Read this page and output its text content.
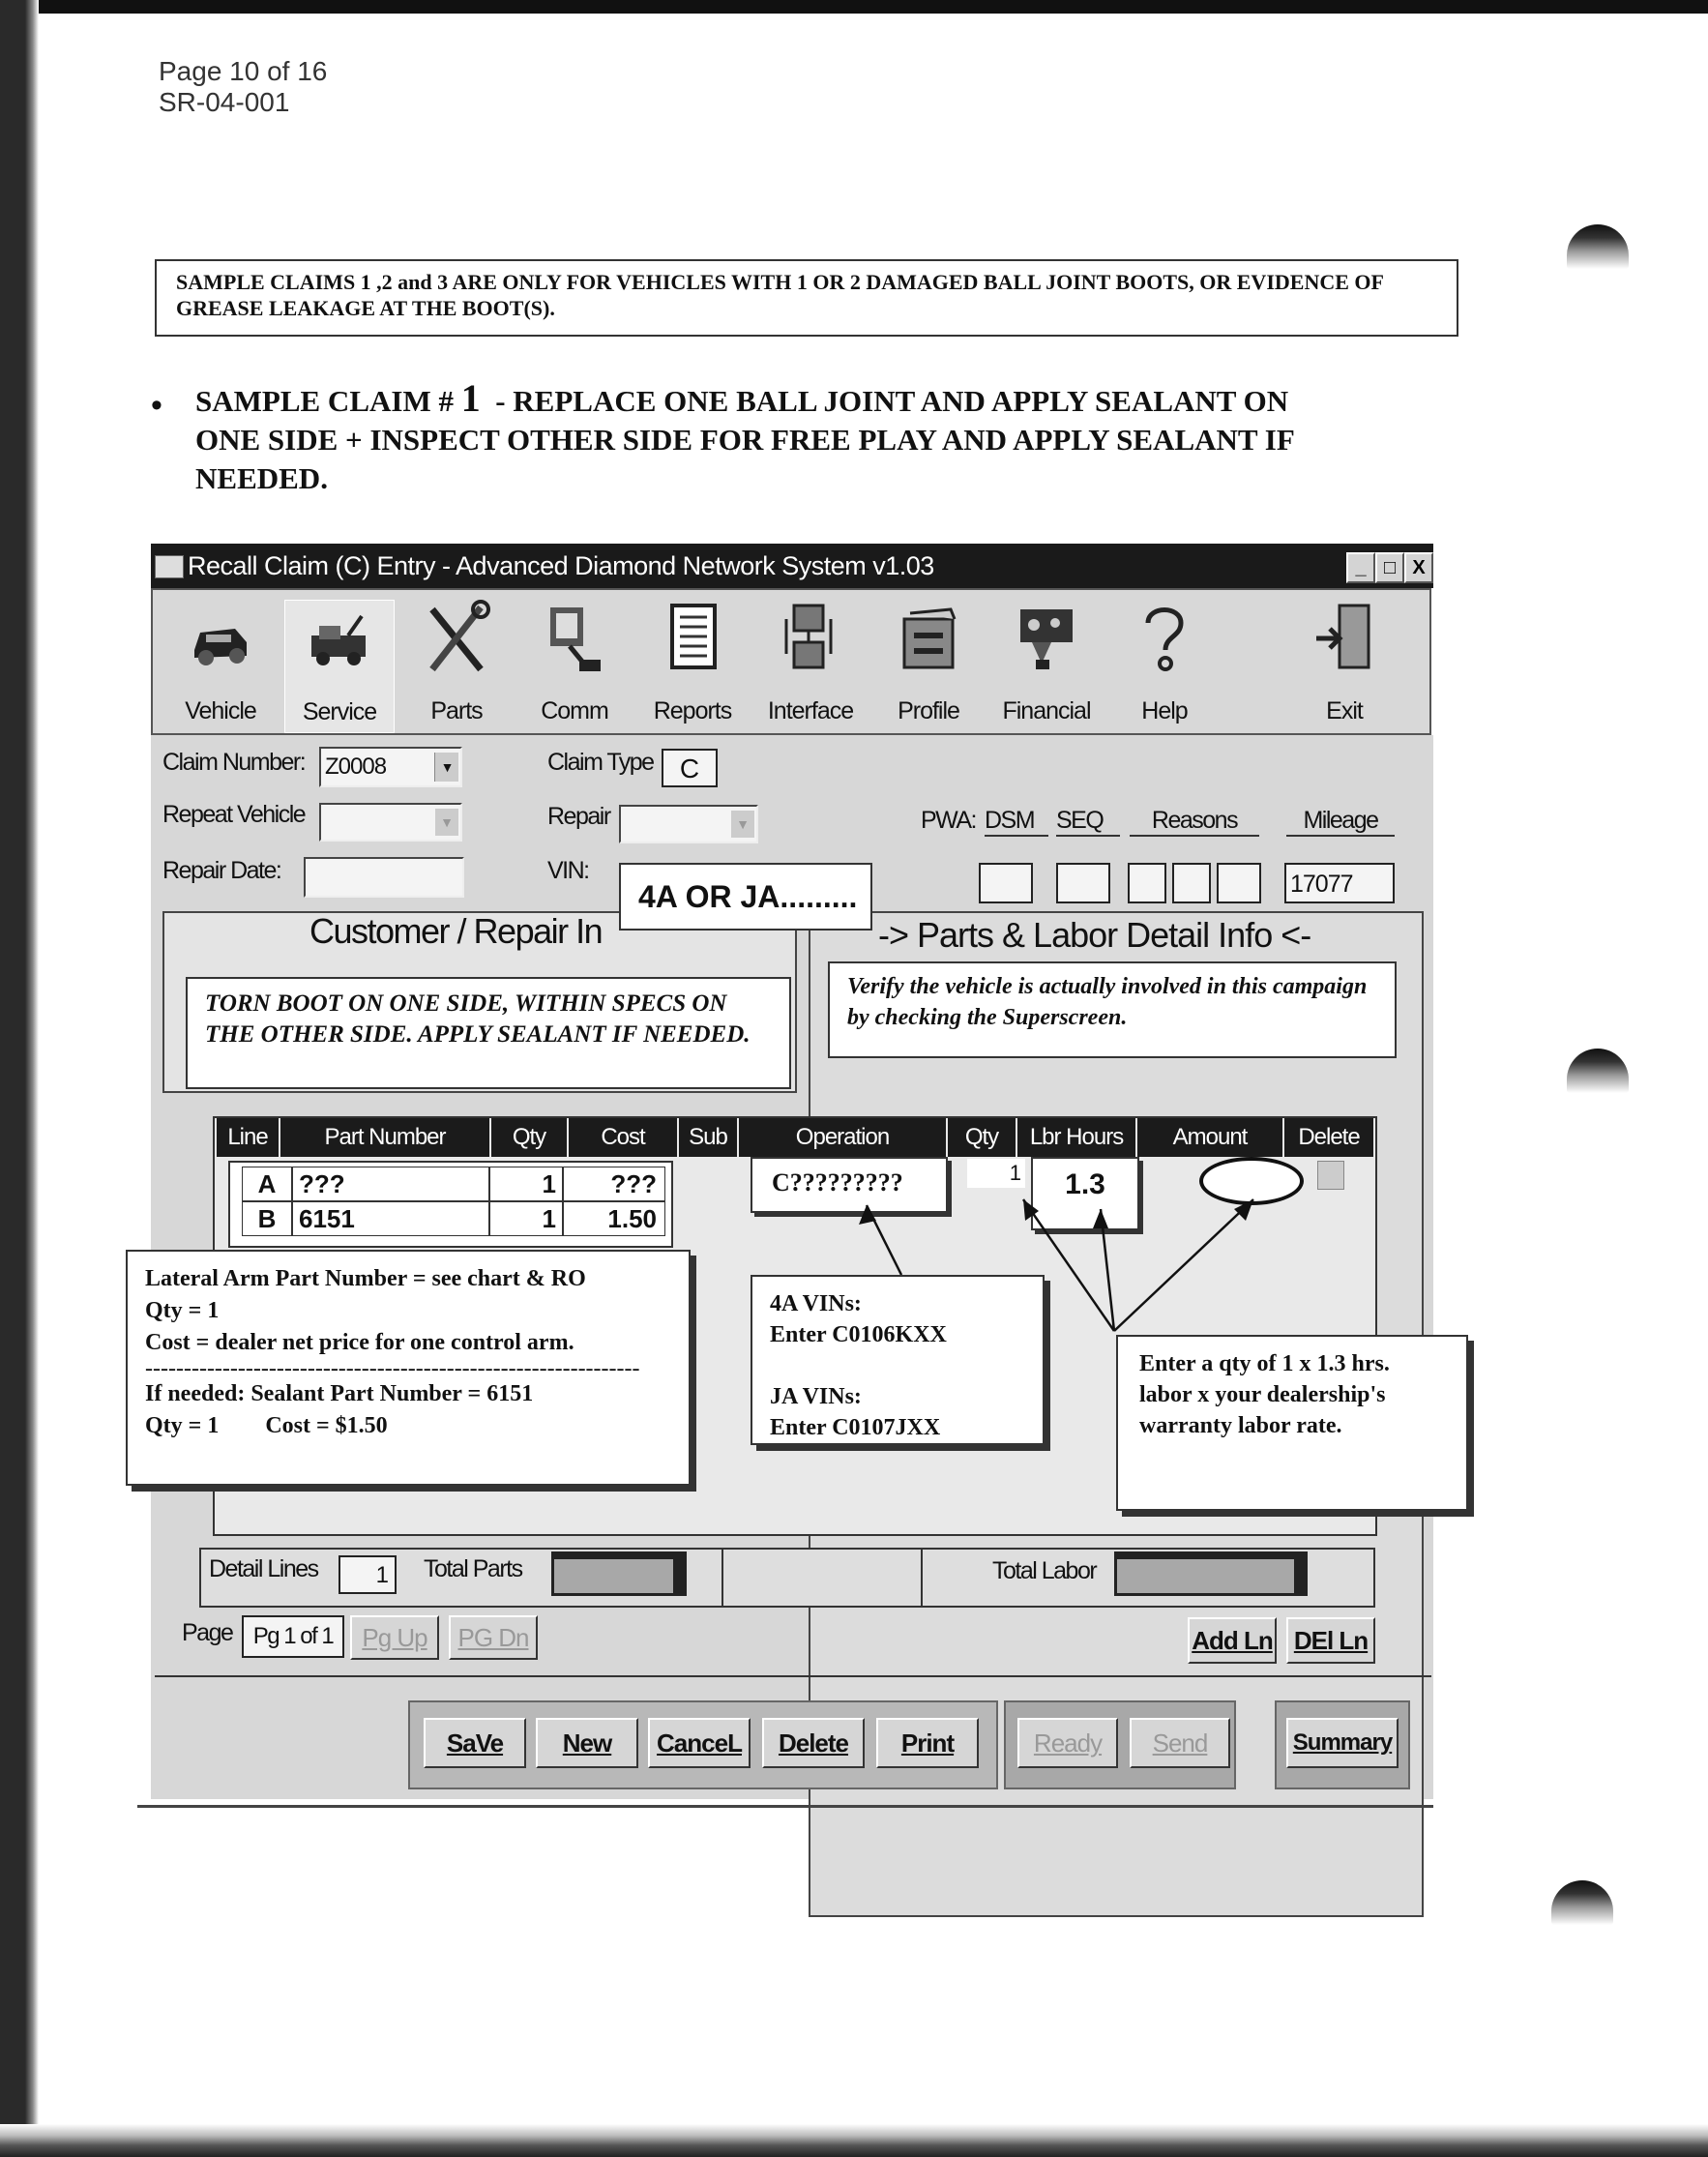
Page 10 of 16
SR-04-001
SAMPLE CLAIMS 1 ,2 and 3 ARE ONLY FOR VEHICLES WITH 1 OR 2 DAMAGED BALL JOINT BOOTS, OR EVIDENCE OF GREASE LEAKAGE AT THE BOOT(S).
• SAMPLE CLAIM # 1 - REPLACE ONE BALL JOINT AND APPLY SEALANT ON
ONE SIDE + INSPECT OTHER SIDE FOR FREE PLAY AND APPLY SEALANT IF
NEEDED.
Recall Claim (C) Entry - Advanced Diamond Network System v1.03	_ □ X
Vehicle	Service	Parts	Comm	Reports	Interface	Profile	Financial	Help	Exit
Claim Number: Z0008	▼	Claim Type C
Repeat Vehicle	▼	Repair	▼	PWA: DSM SEQ	Reasons	Mileage
Repair Date:	VIN:	17077
Customer / Repair In	-> Parts & Labor Detail Info <-
4A OR JA.........
TORN BOOT ON ONE SIDE, WITHIN SPECS ON THE OTHER SIDE. APPLY SEALANT IF NEEDED.
Verify the vehicle is actually involved in this campaign by checking the Superscreen.
Line	Part Number	Qty	Cost	Sub	Operation	Qty	Lbr Hours	Amount	Delete
A ???	1	???
B 6151	1	1.50
C?????????	1	1.3
Lateral Arm Part Number = see chart & RO
Qty = 1
Cost = dealer net price for one control arm.
----------------------------------------------------------------
If needed: Sealant Part Number = 6151
Qty = 1        Cost = $1.50
4A VINs:
Enter C0106KXX
JA VINs:
Enter C0107JXX
Enter a qty of 1 x 1.3 hrs.
labor x your dealership's
warranty labor rate.
Detail Lines	1	Total Parts	Total Labor
Page Pg 1 of 1	Pg Up	PG Dn	Add Ln DEl Ln
SaVe	New	CanceL	Delete	Print	Ready	Send	Summary
